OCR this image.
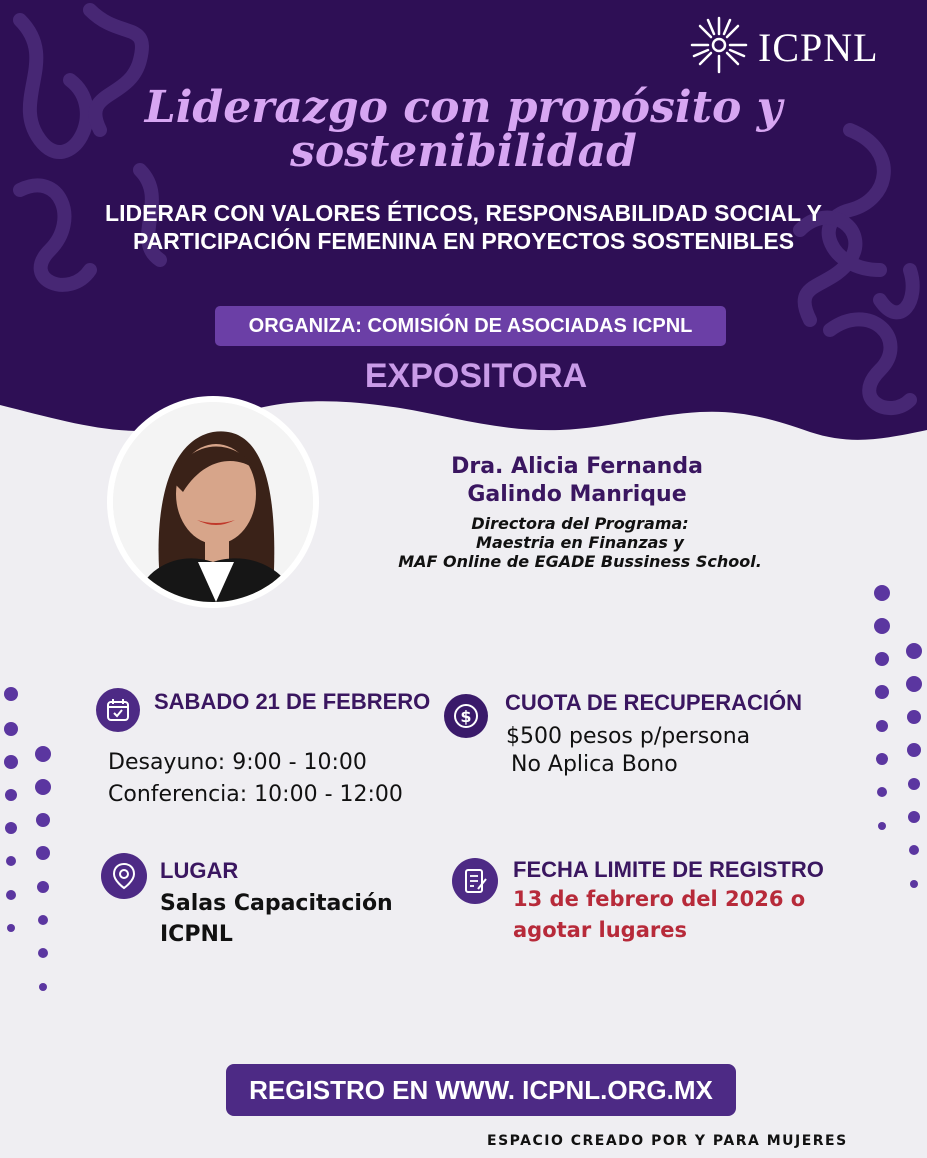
ICPNL
Liderazgo con propósito y sostenibilidad
LIDERAR CON VALORES ÉTICOS, RESPONSABILIDAD SOCIAL Y PARTICIPACIÓN FEMENINA EN PROYECTOS SOSTENIBLES
ORGANIZA: COMISIÓN DE ASOCIADAS ICPNL
EXPOSITORA
Dra. Alicia Fernanda Galindo Manrique
Directora del Programa:
Maestria en Finanzas y
MAF Online de EGADE Bussiness School.
SABADO 21 DE FEBRERO
Desayuno: 9:00 - 10:00
Conferencia: 10:00 - 12:00
$
CUOTA DE RECUPERACIÓN
$500 pesos p/persona
No Aplica Bono
LUGAR
Salas Capacitación
ICPNL
FECHA LIMITE DE REGISTRO
13 de febrero del 2026 o
agotar lugares
REGISTRO EN WWW. ICPNL.ORG.MX
ESPACIO CREADO POR Y PARA MUJERES
